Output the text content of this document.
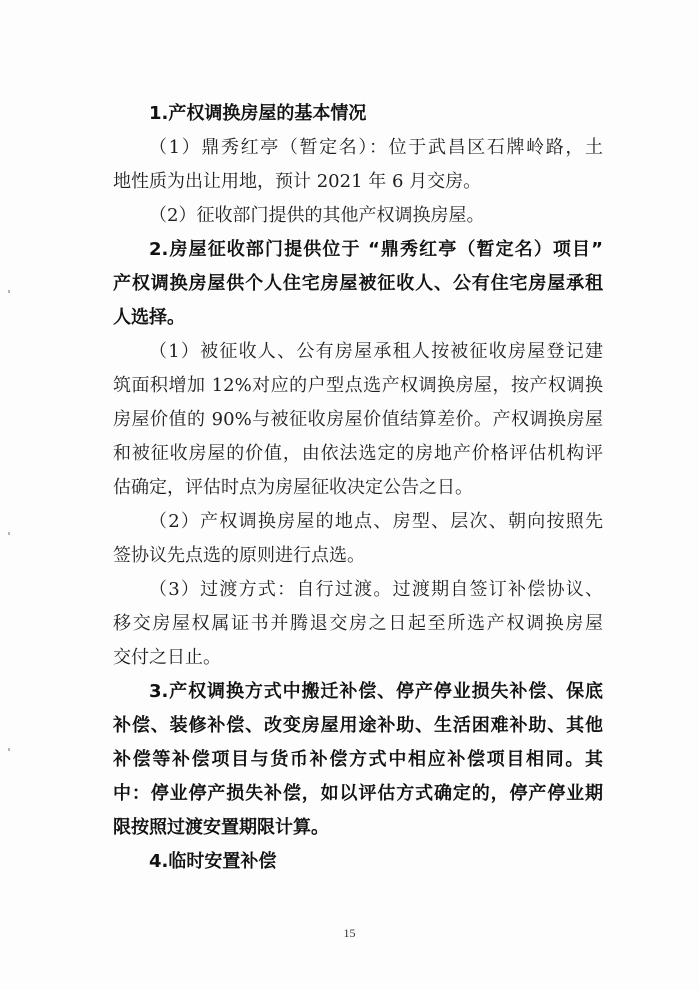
1.产权调换房屋的基本情况
（1）鼎秀红亭（暂定名）：位于武昌区石牌岭路，土
地性质为出让用地，预计 2021 年 6 月交房。
（2）征收部门提供的其他产权调换房屋。
2.房屋征收部门提供位于 “鼎秀红亭（暂定名）项目”
产权调换房屋供个人住宅房屋被征收人、公有住宅房屋承租
人选择。
（1）被征收人、公有房屋承租人按被征收房屋登记建
筑面积增加 12%对应的户型点选产权调换房屋，按产权调换
房屋价值的 90%与被征收房屋价值结算差价。产权调换房屋
和被征收房屋的价值，由依法选定的房地产价格评估机构评
估确定，评估时点为房屋征收决定公告之日。
（2）产权调换房屋的地点、房型、层次、朝向按照先
签协议先点选的原则进行点选。
（3）过渡方式：自行过渡。过渡期自签订补偿协议、
移交房屋权属证书并腾退交房之日起至所选产权调换房屋
交付之日止。
3.产权调换方式中搬迁补偿、停产停业损失补偿、保底
补偿、装修补偿、改变房屋用途补助、生活困难补助、其他
补偿等补偿项目与货币补偿方式中相应补偿项目相同。其
中：停业停产损失补偿，如以评估方式确定的，停产停业期
限按照过渡安置期限计算。
4.临时安置补偿
15
